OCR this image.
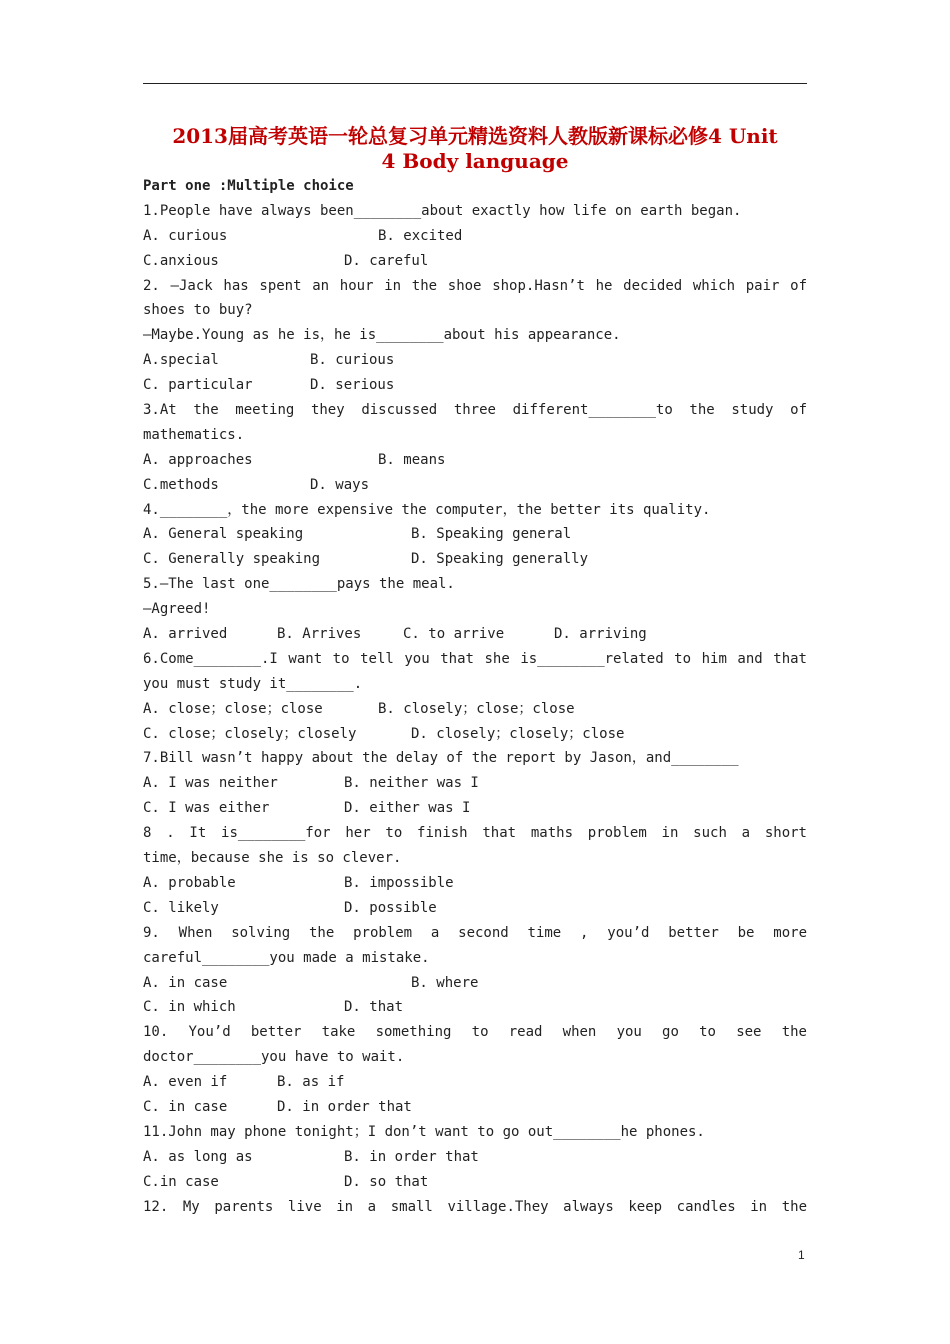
2013届高考英语一轮总复习单元精选资料人教版新课标必修4 Unit
4 Body language
Part one :Multiple choice
1.People have always been________about exactly how life on earth began.
A. curious	B. excited
C.anxious	D. careful
2. —Jack has spent an hour in the shoe shop.Hasn’t he decided which pair of
shoes to buy?
—Maybe.Young as he is，he is________about his appearance.
A.special	B. curious
C. particular	D. serious
3.At the meeting they discussed three different________to the study of
mathematics.
A. approaches	B. means
C.methods	D. ways
4.________，the more expensive the computer，the better its quality.
A. General speaking	B. Speaking general
C. Generally speaking	D. Speaking generally
5.—The last one________pays the meal.
—Agreed!
A. arrived	B. Arrives	C. to arrive	D. arriving
6.Come________.I want to tell you that she is________related to him and that
you must study it________.
A. close；close；close	B. closely；close；close
C. close；closely；closely	D. closely；closely；close
7.Bill wasn’t happy about the delay of the report by Jason，and________
A. I was neither	B. neither was I
C. I was either	D. either was I
8 . It is________for her to finish that maths problem in such a short
time，because she is so clever.
A. probable	B. impossible
C. likely	D. possible
9. When solving the problem a second time , you’d better be more
careful________you made a mistake.
A. in case	B. where
C. in which	D. that
10. You’d better take something to read when you go to see the
doctor________you have to wait.
A. even if	B. as if
C. in case	D. in order that
11.John may phone tonight；I don’t want to go out________he phones.
A. as long as	B. in order that
C.in case	D. so that
12. My parents live in a small village.They always keep candles in the
1
